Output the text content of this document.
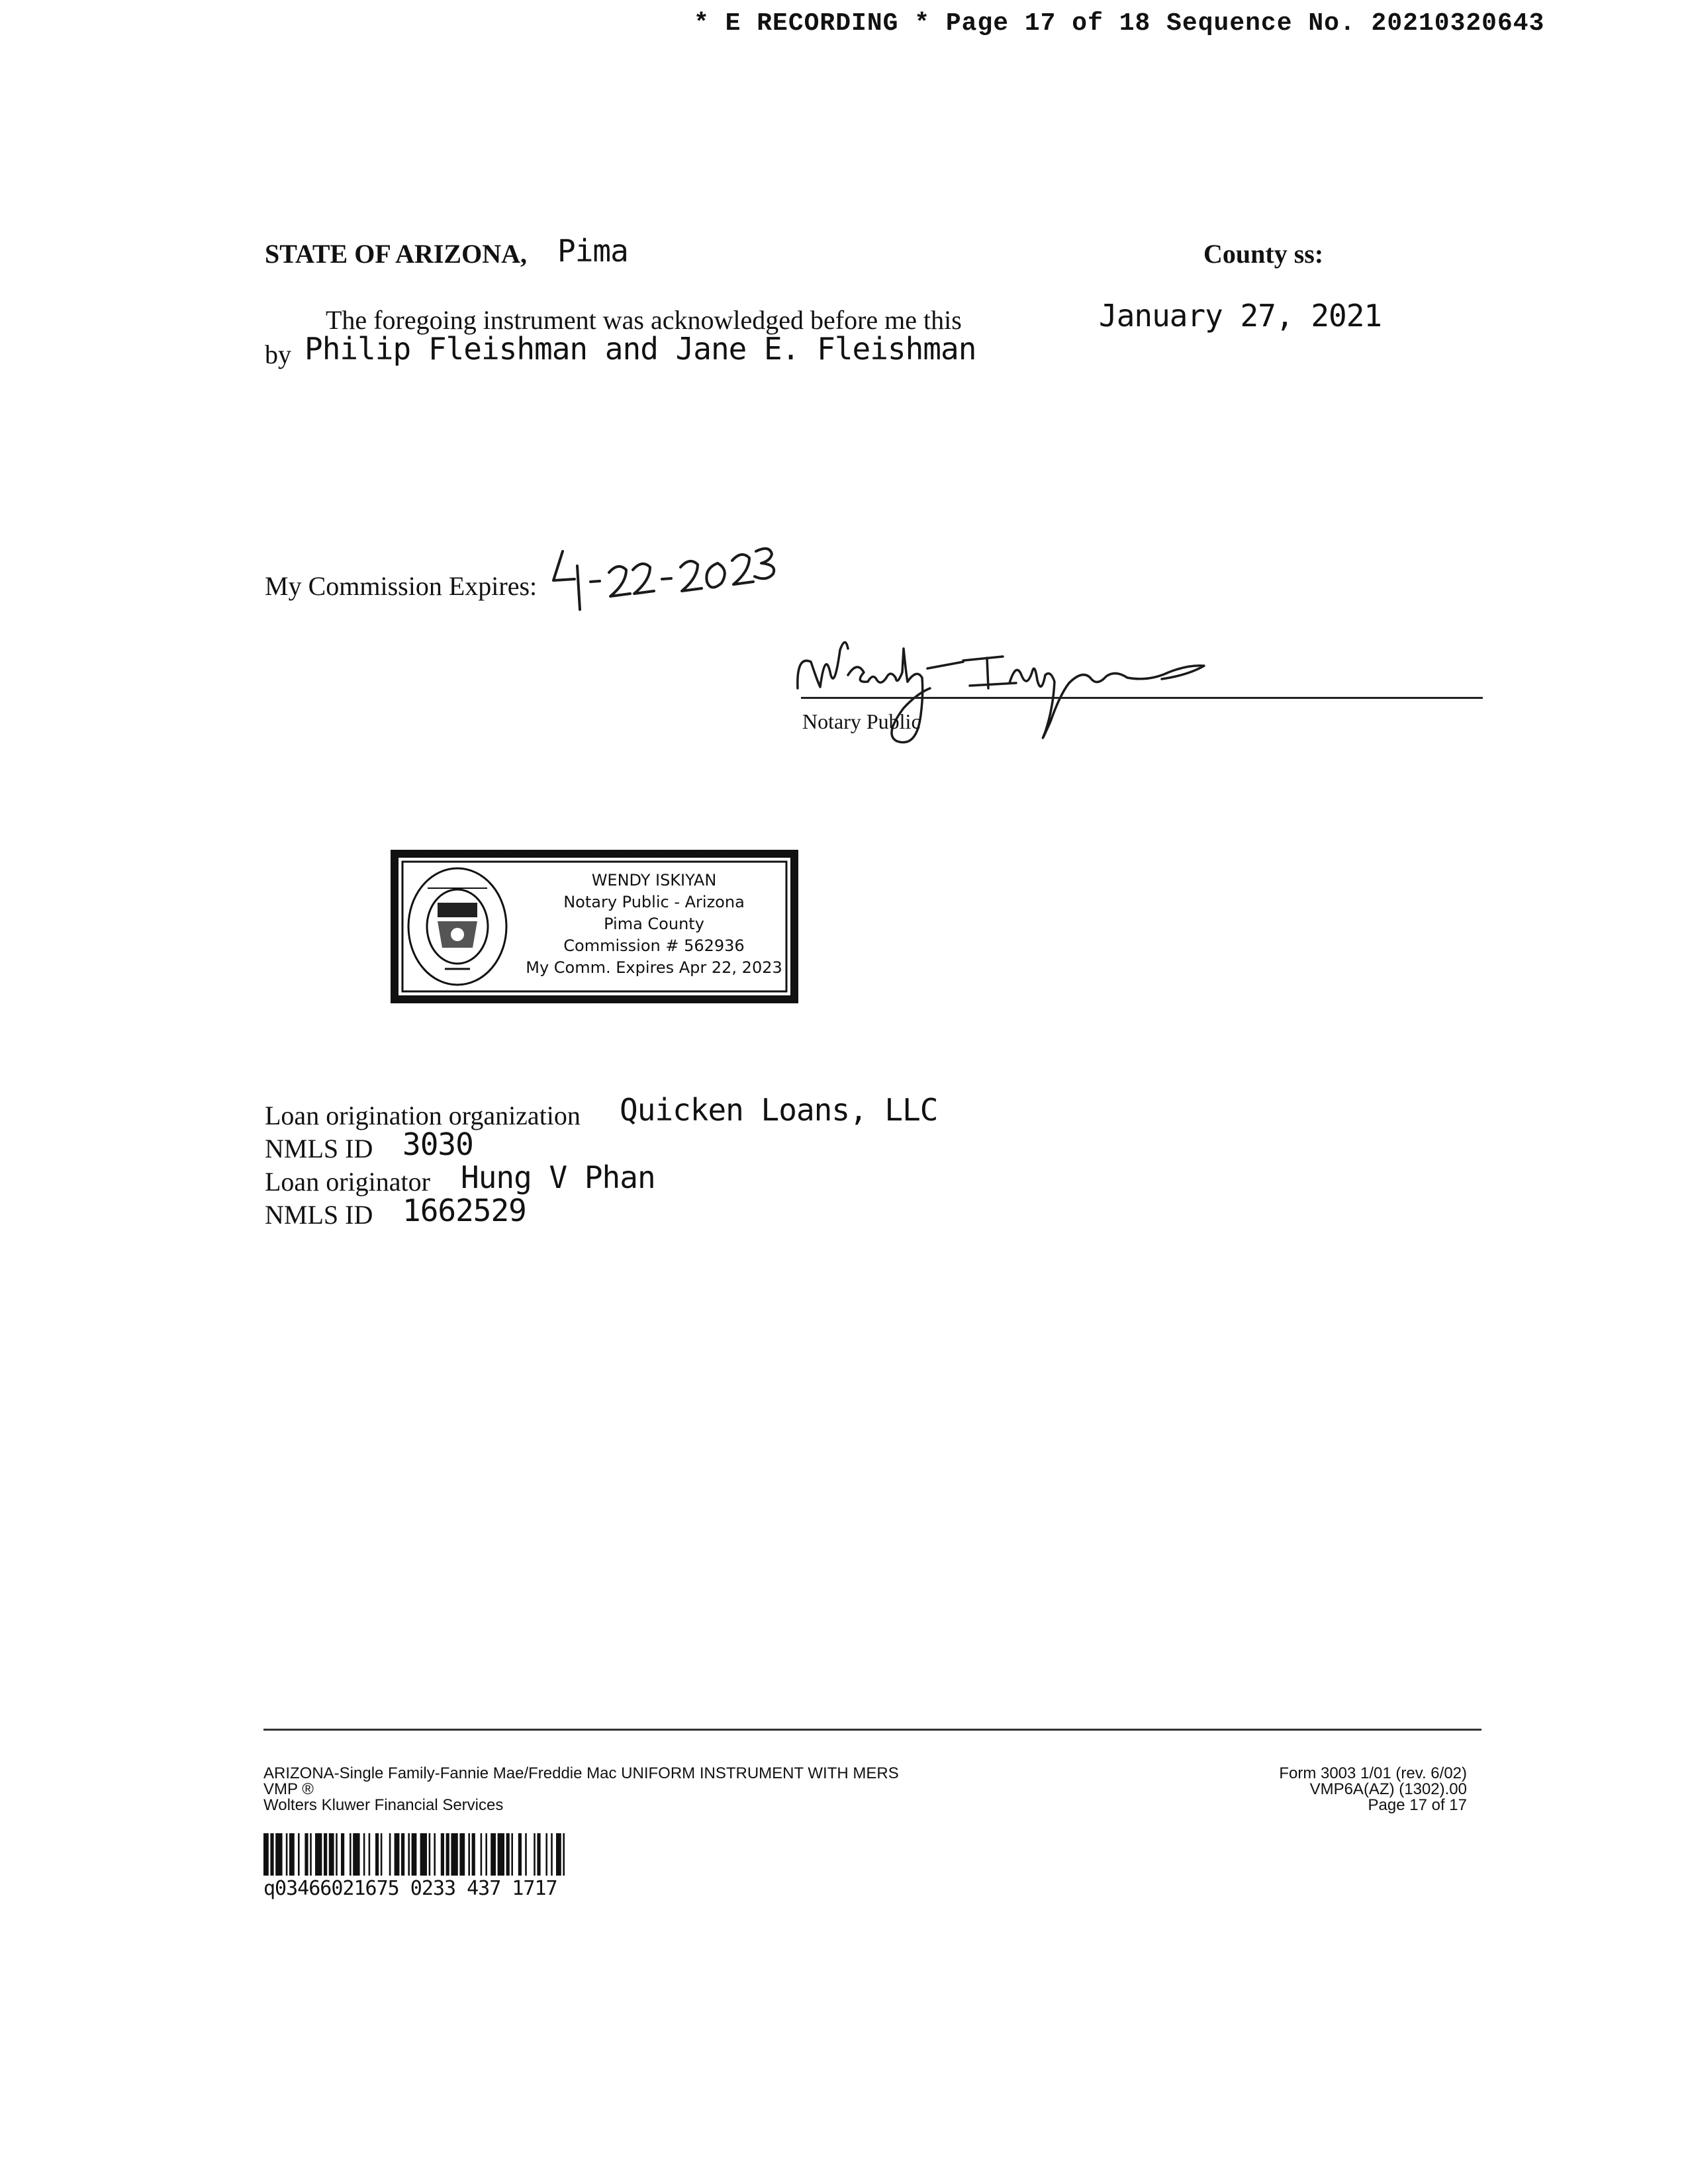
* E RECORDING * Page 17 of 18 Sequence No. 20210320643
STATE OF ARIZONA, Pima	County ss:
The foregoing instrument was acknowledged before me this	January 27, 2021
by Philip Fleishman and Jane E. Fleishman
My Commission Expires:
Notary Public
WENDY ISKIYAN
Notary Public - Arizona
Pima County
Commission # 562936
My Comm. Expires Apr 22, 2023
Loan origination organization Quicken Loans, LLC
NMLS ID 3030
Loan originator Hung V Phan
NMLS ID 1662529
ARIZONA-Single Family-Fannie Mae/Freddie Mac UNIFORM INSTRUMENT WITH MERS
VMP ®
Wolters Kluwer Financial Services
Form 3003 1/01 (rev. 6/02)
VMP6A(AZ) (1302).00
Page 17 of 17
q03466021675 0233 437 1717
